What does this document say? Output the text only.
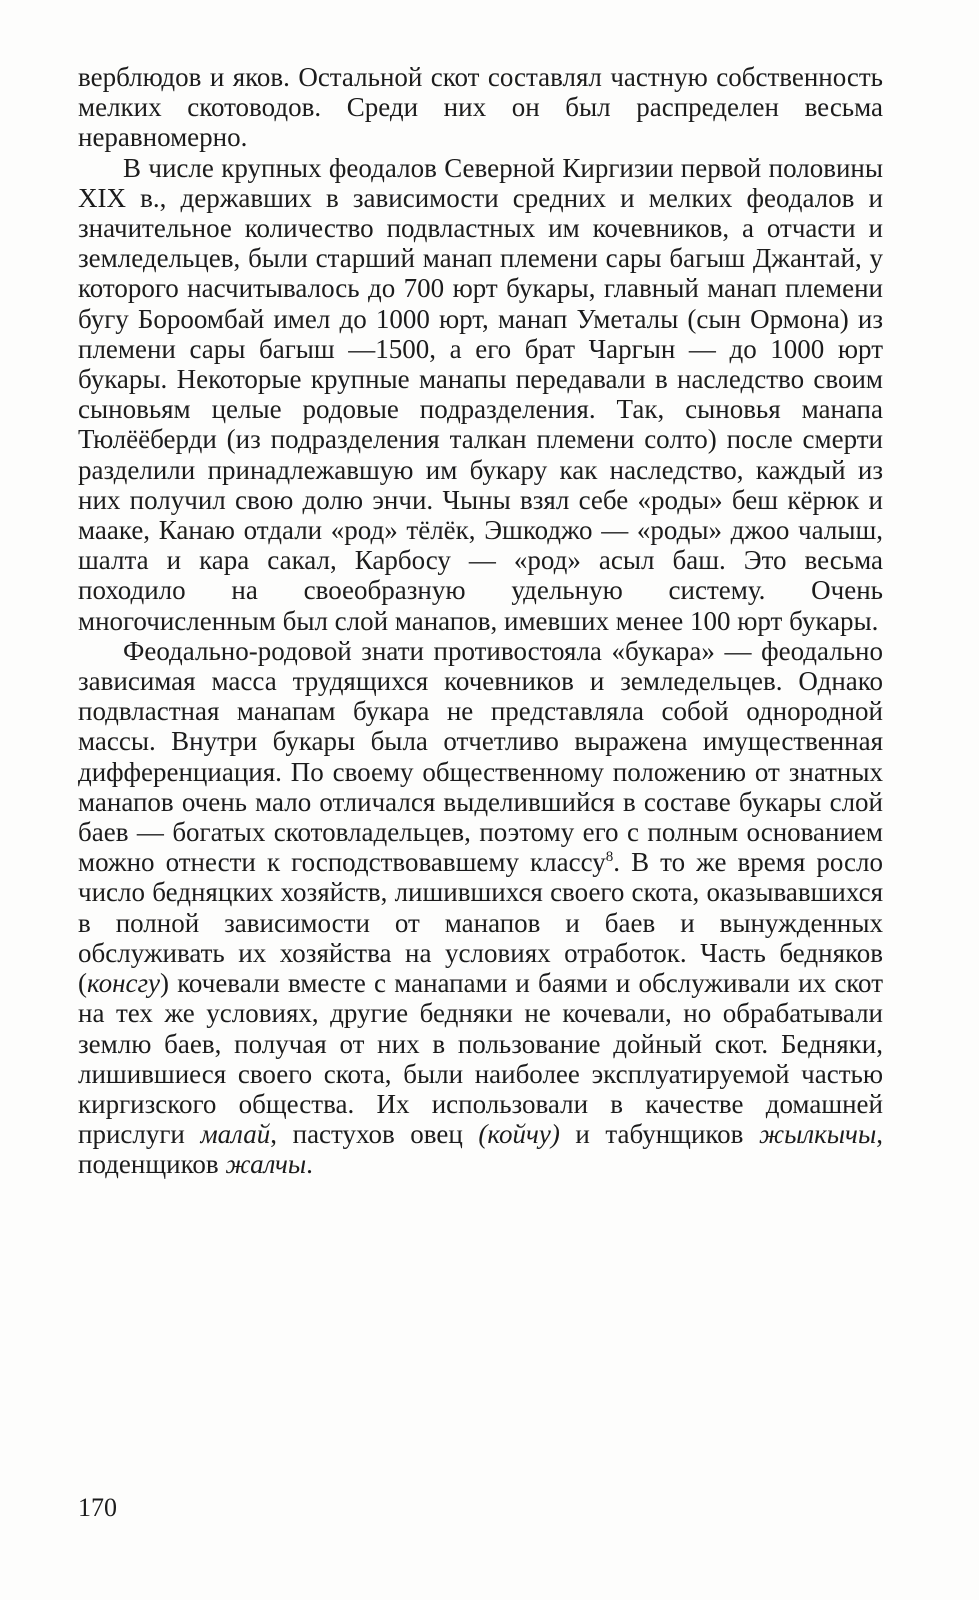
верблюдов и яков. Остальной скот составлял частную собственность мелких скотоводов. Среди них он был распределен весьма неравномерно.

В числе крупных феодалов Северной Киргизии первой половины XIX в., державших в зависимости средних и мелких феодалов и значительное количество подвластных им кочевников, а отчасти и земледельцев, были старший манап племени сары багыш Джантай, у которого насчитывалось до 700 юрт букары, главный манап племени бугу Бороомбай имел до 1000 юрт, манап Уметалы (сын Ормона) из племени сары багыш —1500, а его брат Чаргын — до 1000 юрт букары. Некоторые крупные манапы передавали в наследство своим сыновьям целые родовые подразделения. Так, сыновья манапа Тюлёёберди (из подразделения талкан племени солто) после смерти разделили принадлежавшую им букару как наследство, каждый из них получил свою долю энчи. Чыны взял себе «роды» беш кёрюк и мааке, Канаю отдали «род» тёлёк, Эшкоджо — «роды» джоо чалыш, шалта и кара сакал, Карбосу — «род» асыл баш. Это весьма походило на своеобразную удельную систему. Очень многочисленным был слой манапов, имевших менее 100 юрт букары.

Феодально-родовой знати противостояла «букара» — феодально зависимая масса трудящихся кочевников и земледельцев. Однако подвластная манапам букара не представляла собой однородной массы. Внутри букары была отчетливо выражена имущественная дифференциация. По своему общественному положению от знатных манапов очень мало отличался выделившийся в составе букары слой баев — богатых скотовладельцев, поэтому его с полным основанием можно отнести к господствовавшему классу$^8$. В то же время росло число бедняцких хозяйств, лишившихся своего скота, оказывавшихся в полной зависимости от манапов и баев и вынужденных обслуживать их хозяйства на условиях отработок. Часть бедняков (консгу) кочевали вместе с манапами и баями и обслуживали их скот на тех же условиях, другие бедняки не кочевали, но обрабатывали землю баев, получая от них в пользование дойный скот. Бедняки, лишившиеся своего скота, были наиболее эксплуатируемой частью киргизского общества. Их использовали в качестве домашней прислуги малай, пастухов овец (койчу) и табунщиков жылкычы, поденщиков жалчы.

170
